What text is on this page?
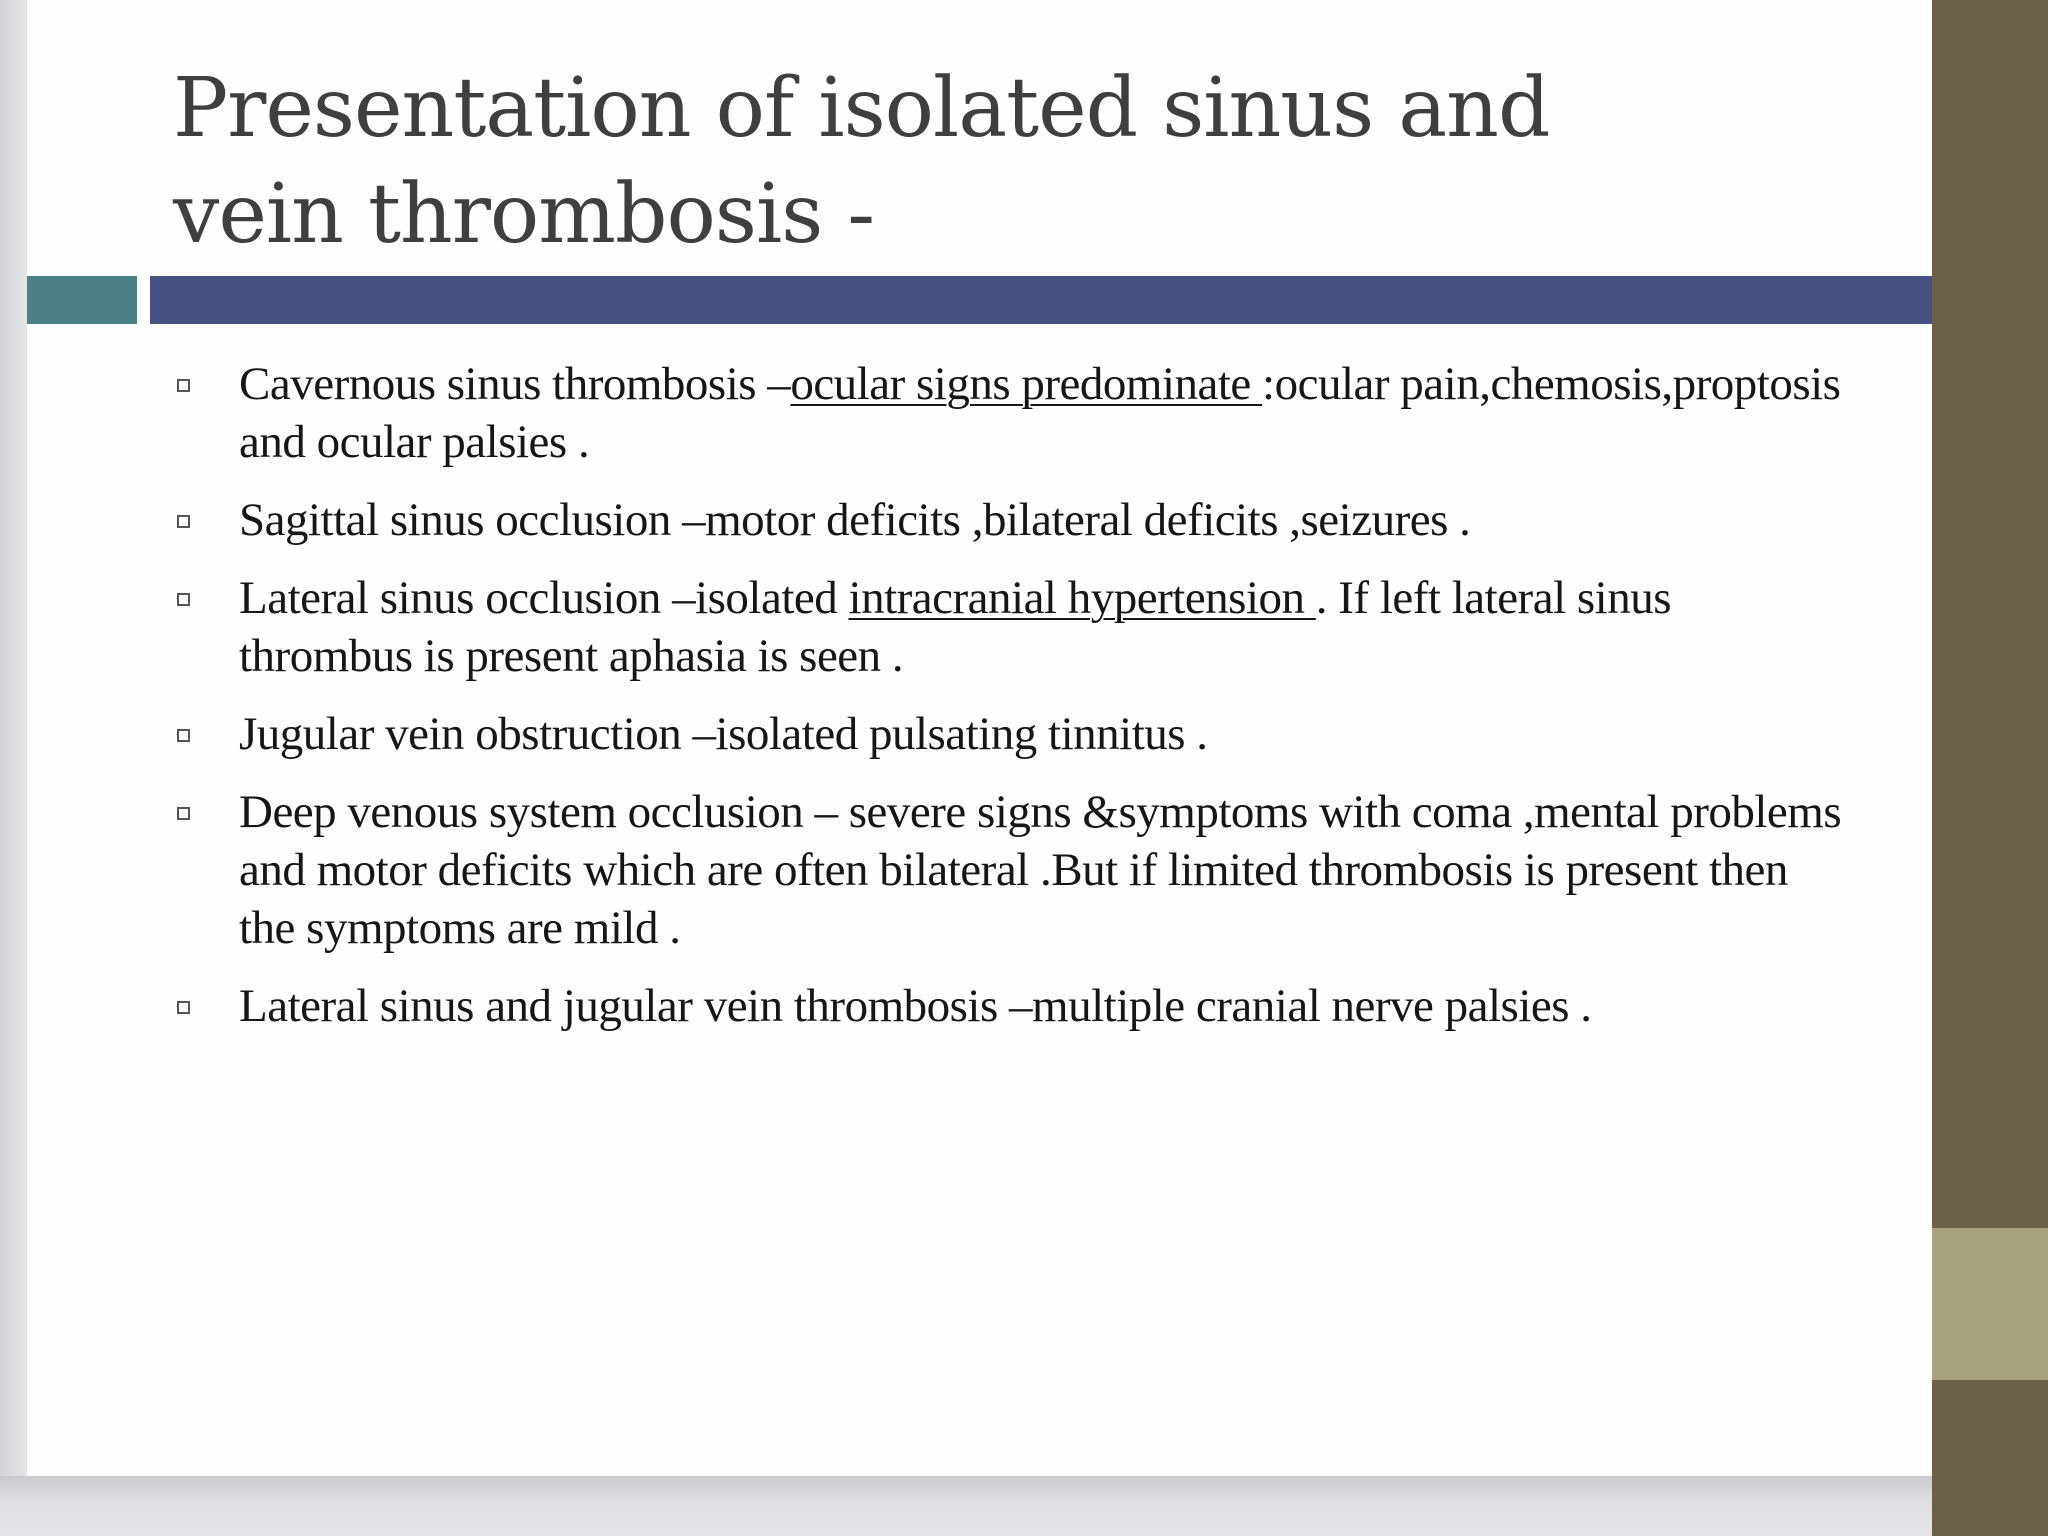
Presentation of isolated sinus and vein thrombosis -
Cavernous sinus thrombosis –ocular signs predominate :ocular pain,chemosis,proptosis and ocular palsies .
Sagittal sinus occlusion –motor deficits ,bilateral deficits ,seizures .
Lateral sinus occlusion –isolated intracranial hypertension . If left lateral sinus thrombus is present aphasia is seen .
Jugular vein obstruction –isolated pulsating tinnitus .
Deep venous system occlusion – severe signs &symptoms with coma ,mental problems and motor deficits which are often bilateral .But if limited thrombosis is present then the symptoms are mild .
Lateral sinus and jugular vein thrombosis –multiple cranial nerve palsies .
